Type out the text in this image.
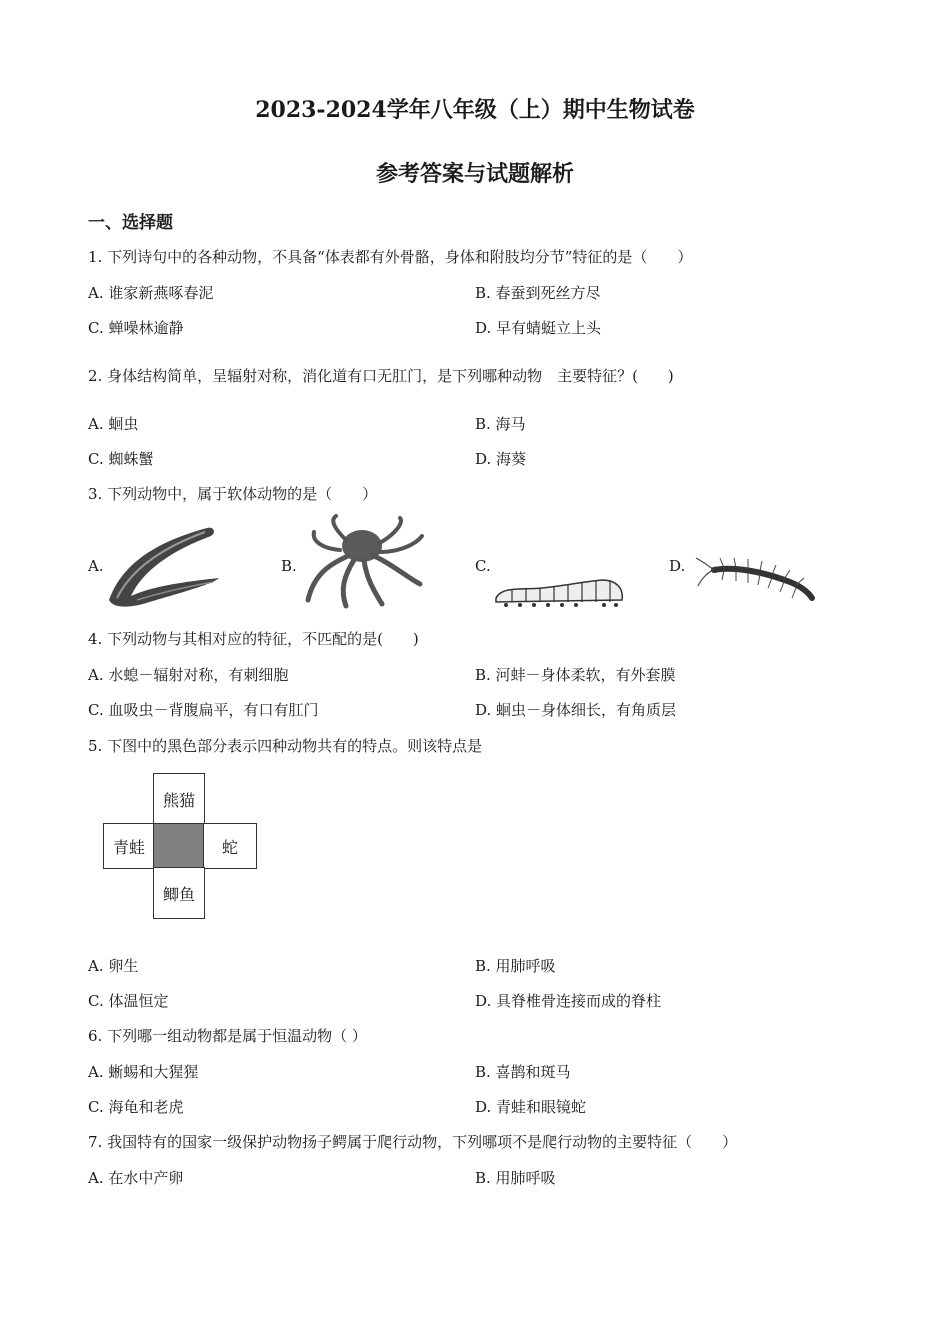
2023-2024学年八年级（上）期中生物试卷
参考答案与试题解析
一、选择题
1. 下列诗句中的各种动物，不具备“体表都有外骨骼，身体和附肢均分节”特征的是（　　）
A. 谁家新燕啄春泥	B. 春蚕到死丝方尽
C. 蝉噪林逾静	D. 早有蜻蜓立上头
2. 身体结构简单，呈辐射对称，消化道有口无肛门，是下列哪种动物　主要特征？(　　)
A. 蛔虫	B. 海马
C. 蜘蛛蟹	D. 海葵
3. 下列动物中，属于软体动物的是（　　）
A.	B.	C.	D.
4. 下列动物与其相对应的特征，不匹配的是(　　)
A. 水螅－辐射对称，有刺细胞	B. 河蚌－身体柔软，有外套膜
C. 血吸虫－背腹扁平，有口有肛门	D. 蛔虫－身体细长，有角质层
5. 下图中的黑色部分表示四种动物共有的特点。则该特点是
熊猫
青蛙	蛇
鲫鱼
A. 卵生	B. 用肺呼吸
C. 体温恒定	D. 具脊椎骨连接而成的脊柱
6. 下列哪一组动物都是属于恒温动物（ ）
A. 蜥蜴和大猩猩	B. 喜鹊和斑马
C. 海龟和老虎	D. 青蛙和眼镜蛇
7. 我国特有的国家一级保护动物扬子鳄属于爬行动物，下列哪项不是爬行动物的主要特征（　　）
A. 在水中产卵	B. 用肺呼吸
